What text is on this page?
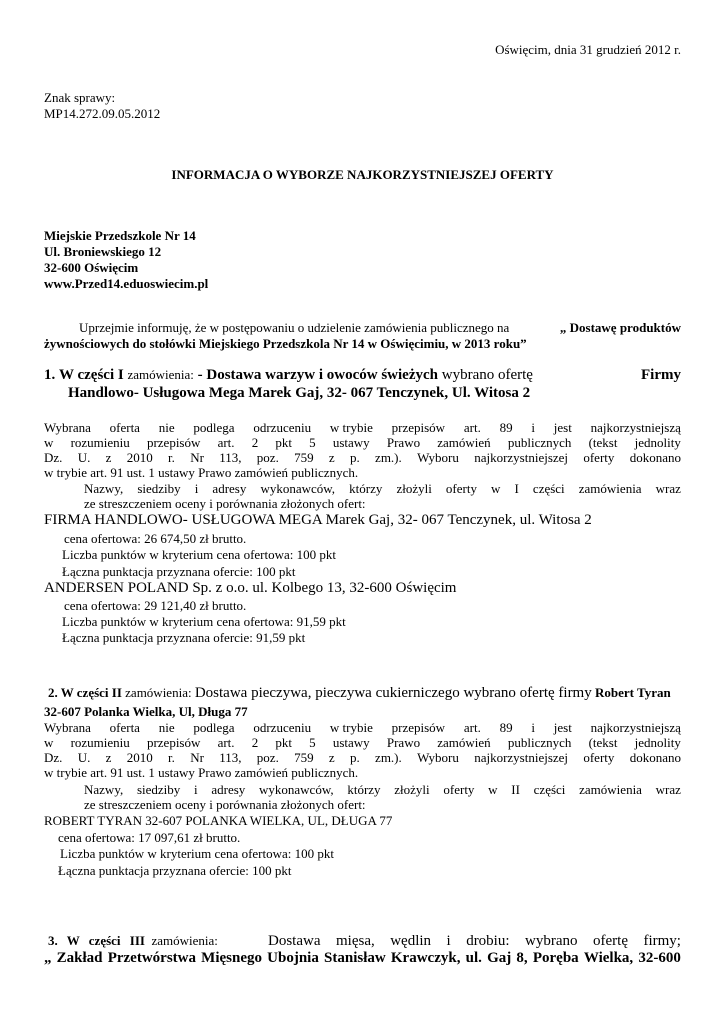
Oświęcim, dnia 31 grudzień 2012 r.
Znak sprawy:
MP14.272.09.05.2012
INFORMACJA O WYBORZE NAJKORZYSTNIEJSZEJ OFERTY
Miejskie Przedszkole Nr 14
Ul. Broniewskiego 12
32-600 Oświęcim
www.Przed14.eduoswiecim.pl
Uprzejmie informuję, że w postępowaniu o udzielenie zamówienia publicznego na	„ Dostawę produktów
żywnościowych do stołówki Miejskiego Przedszkola Nr 14 w Oświęcimiu, w 2013 roku”
1. W części I zamówienia: - Dostawa warzyw i owoców świeżych wybrano ofertę	Firmy
Handlowo- Usługowa Mega Marek Gaj, 32- 067 Tenczynek, Ul. Witosa 2
Wybrana oferta nie podlega odrzuceniu w trybie przepisów art. 89 i jest najkorzystniejszą
w rozumieniu przepisów art. 2 pkt 5 ustawy Prawo zamówień publicznych (tekst jednolity
Dz. U. z 2010 r. Nr 113, poz. 759 z p. zm.). Wyboru najkorzystniejszej oferty dokonano
w trybie art. 91 ust. 1 ustawy Prawo zamówień publicznych.
Nazwy, siedziby i adresy wykonawców, którzy złożyli oferty w I części zamówienia wraz
ze streszczeniem oceny i porównania złożonych ofert:
FIRMA HANDLOWO- USŁUGOWA MEGA Marek Gaj, 32- 067 Tenczynek, ul. Witosa 2
cena ofertowa: 26 674,50 zł brutto.
Liczba punktów w kryterium cena ofertowa: 100 pkt
Łączna punktacja przyznana ofercie: 100 pkt
ANDERSEN POLAND Sp. z o.o. ul. Kolbego 13, 32-600 Oświęcim
cena ofertowa: 29 121,40 zł brutto.
Liczba punktów w kryterium cena ofertowa: 91,59 pkt
Łączna punktacja przyznana ofercie: 91,59 pkt
2. W części II zamówienia: Dostawa pieczywa, pieczywa cukierniczego wybrano ofertę firmy Robert Tyran
32-607 Polanka Wielka, Ul, Długa 77
Wybrana oferta nie podlega odrzuceniu w trybie przepisów art. 89 i jest najkorzystniejszą
w rozumieniu przepisów art. 2 pkt 5 ustawy Prawo zamówień publicznych (tekst jednolity
Dz. U. z 2010 r. Nr 113, poz. 759 z p. zm.). Wyboru najkorzystniejszej oferty dokonano
w trybie art. 91 ust. 1 ustawy Prawo zamówień publicznych.
Nazwy, siedziby i adresy wykonawców, którzy złożyli oferty w II części zamówienia wraz
ze streszczeniem oceny i porównania złożonych ofert:
ROBERT TYRAN 32-607 POLANKA WIELKA, UL, DŁUGA 77
cena ofertowa: 17 097,61 zł brutto.
Liczba punktów w kryterium cena ofertowa: 100 pkt
Łączna punktacja przyznana ofercie: 100 pkt
3. W części III zamówienia:	Dostawa mięsa, wędlin i drobiu: wybrano ofertę firmy;
„ Zakład Przetwórstwa Mięsnego Ubojnia Stanisław Krawczyk, ul. Gaj 8, Poręba Wielka, 32-600
